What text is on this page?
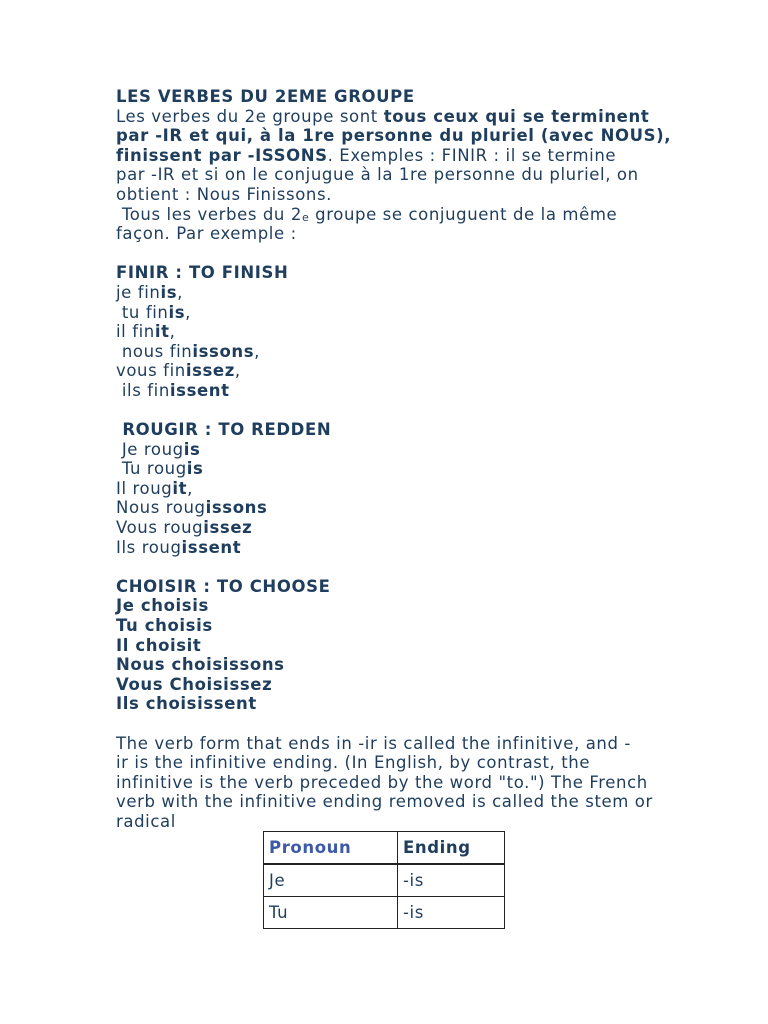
LES VERBES DU 2EME GROUPE
Les verbes du 2e groupe sont tous ceux qui se terminent
par -IR et qui, à la 1re personne du pluriel (avec NOUS),
finissent par -ISSONS. Exemples : FINIR : il se termine
par -IR et si on le conjugue à la 1re personne du pluriel, on
obtient : Nous Finissons.
Tous les verbes du 2e groupe se conjuguent de la même
façon. Par exemple :
FINIR : TO FINISH
je finis,
tu finis,
il finit,
nous finissons,
vous finissez,
ils finissent
ROUGIR : TO REDDEN
Je rougis
Tu rougis
Il rougit,
Nous rougissons
Vous rougissez
Ils rougissent
CHOISIR : TO CHOOSE
Je choisis
Tu choisis
Il choisit
Nous choisissons
Vous Choisissez
Ils choisissent
The verb form that ends in -ir is called the infinitive, and -
ir is the infinitive ending. (In English, by contrast, the
infinitive is the verb preceded by the word "to.") The French
verb with the infinitive ending removed is called the stem or
radical
Pronoun	Ending
Je	-is
Tu	-is
